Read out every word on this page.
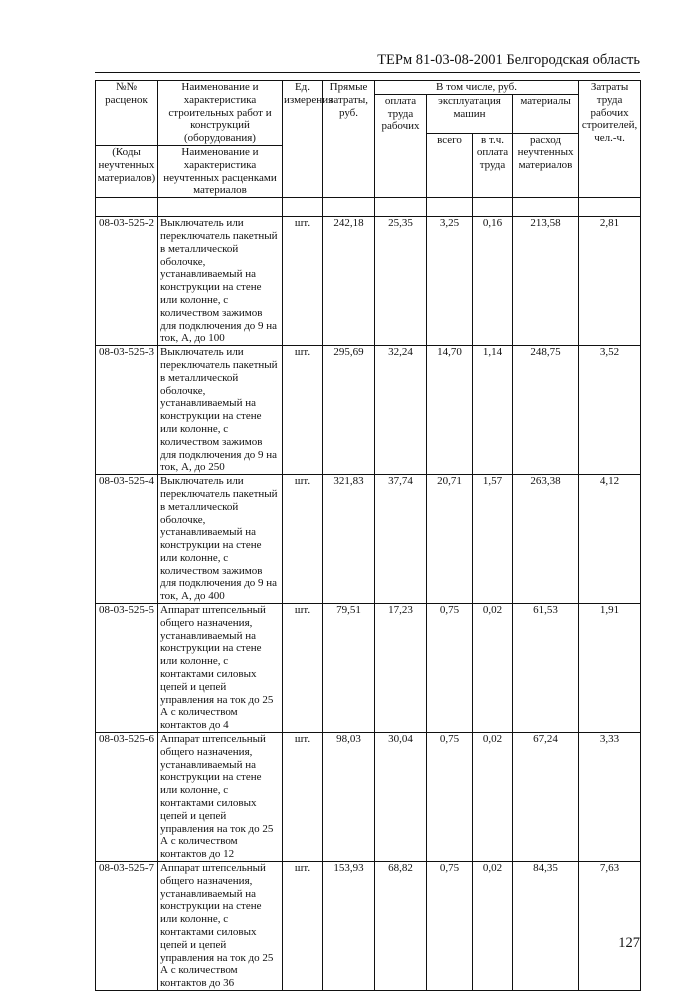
ТЕРм 81-03-08-2001 Белгородская область
№№ расценок	Наименование и характеристика строительных работ и конструкций (оборудования)	Ед. измерения	Прямые затраты, руб.	В том числе, руб.				Затраты труда рабочих строителей, чел.-ч.
				оплата труда рабочих	эксплуатация машин		материалы	
					всего	в т.ч. оплата труда	расход неучтенных материалов	
(Коды неучтенных материалов)	Наименование и характеристика неучтенных расценками материалов							

08-03-525-2	Выключатель или переключатель пакетный в металлической оболочке, устанавливаемый на конструкции на стене или колонне, с количеством зажимов для подключения до 9 на ток, А, до 100	шт.	242,18	25,35	3,25	0,16	213,58	2,81
08-03-525-3	Выключатель или переключатель пакетный в металлической оболочке, устанавливаемый на конструкции на стене или колонне, с количеством зажимов для подключения до 9 на ток, А, до 250	шт.	295,69	32,24	14,70	1,14	248,75	3,52
08-03-525-4	Выключатель или переключатель пакетный в металлической оболочке, устанавливаемый на конструкции на стене или колонне, с количеством зажимов для подключения до 9 на ток, А, до 400	шт.	321,83	37,74	20,71	1,57	263,38	4,12
08-03-525-5	Аппарат штепсельный общего назначения, устанавливаемый на конструкции на стене или колонне, с контактами силовых цепей и цепей управления на ток до 25 А с количеством контактов до 4	шт.	79,51	17,23	0,75	0,02	61,53	1,91
08-03-525-6	Аппарат штепсельный общего назначения, устанавливаемый на конструкции на стене или колонне, с контактами силовых цепей и цепей управления на ток до 25 А с количеством контактов до 12	шт.	98,03	30,04	0,75	0,02	67,24	3,33
08-03-525-7	Аппарат штепсельный общего назначения, устанавливаемый на конструкции на стене или колонне, с контактами силовых цепей и цепей управления на ток до 25 А с количеством контактов до 36	шт.	153,93	68,82	0,75	0,02	84,35	7,63
127
